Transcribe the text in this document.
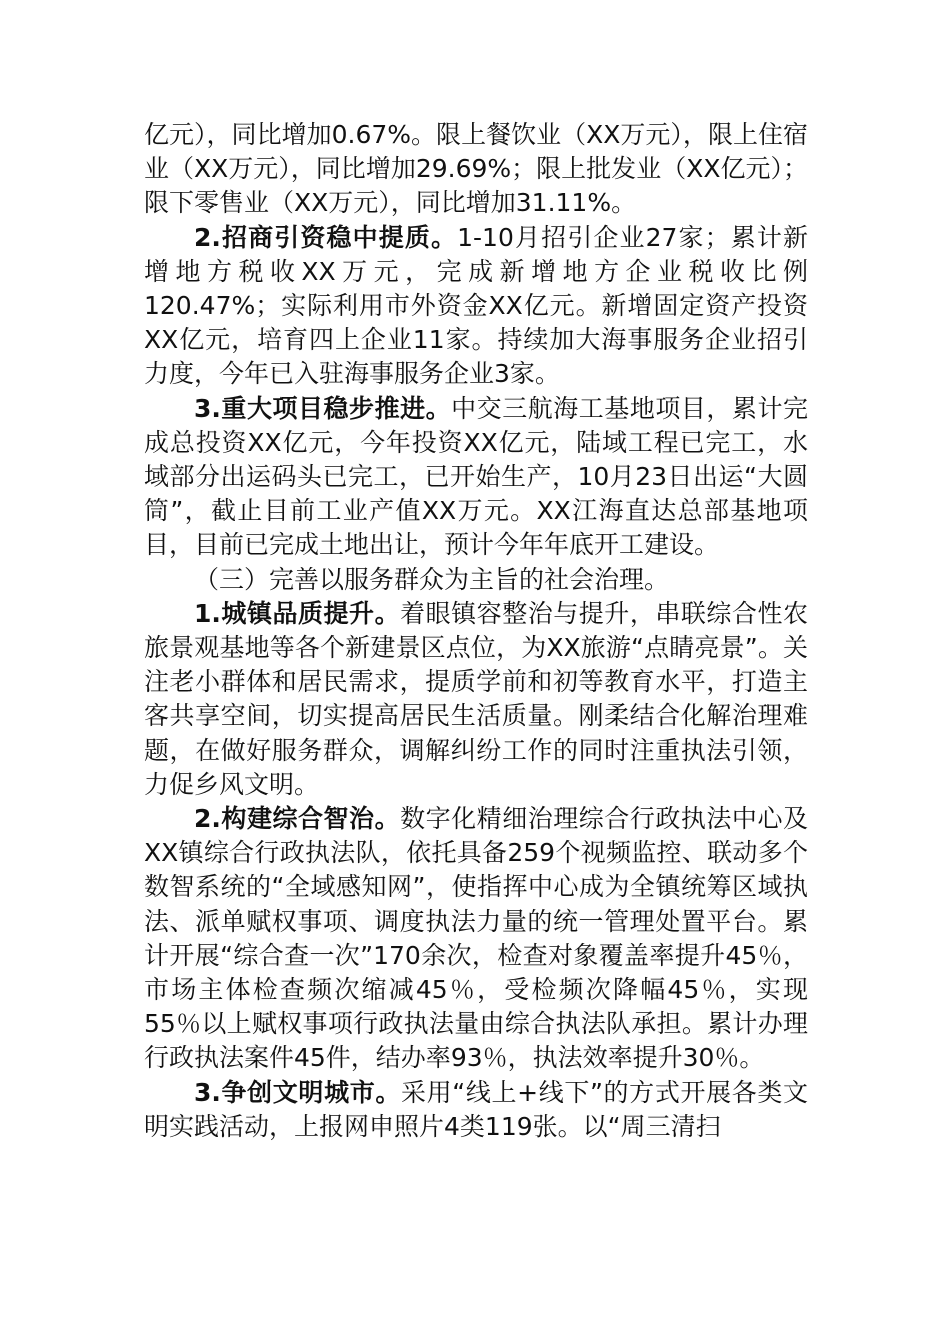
亿元），同比增加0.67%。限上餐饮业（XX万元），限上住宿业（XX万元），同比增加29.69%；限上批发业（XX亿元）；限下零售业（XX万元），同比增加31.11%。

2.招商引资稳中提质。1-10月招引企业27家；累计新增地方税收XX万元，完成新增地方企业税收比例120.47%；实际利用市外资金XX亿元。新增固定资产投资XX亿元，培育四上企业11家。持续加大海事服务企业招引力度，今年已入驻海事服务企业3家。

3.重大项目稳步推进。中交三航海工基地项目，累计完成总投资XX亿元，今年投资XX亿元，陆域工程已完工，水域部分出运码头已完工，已开始生产，10月23日出运“大圆筒”，截止目前工业产值XX万元。XX江海直达总部基地项目，目前已完成土地出让，预计今年年底开工建设。

（三）完善以服务群众为主旨的社会治理。

1.城镇品质提升。着眼镇容整治与提升，串联综合性农旅景观基地等各个新建景区点位，为XX旅游“点睛亮景”。关注老小群体和居民需求，提质学前和初等教育水平，打造主客共享空间，切实提高居民生活质量。刚柔结合化解治理难题，在做好服务群众，调解纠纷工作的同时注重执法引领，力促乡风文明。

2.构建综合智治。数字化精细治理综合行政执法中心及XX镇综合行政执法队，依托具备259个视频监控、联动多个数智系统的“全域感知网”，使指挥中心成为全镇统筹区域执法、派单赋权事项、调度执法力量的统一管理处置平台。累计开展“综合查一次”170余次，检查对象覆盖率提升45％，市场主体检查频次缩减45％，受检频次降幅45％，实现55％以上赋权事项行政执法量由综合执法队承担。累计办理行政执法案件45件，结办率93％，执法效率提升30％。

3.争创文明城市。采用“线上+线下”的方式开展各类文明实践活动，上报网申照片4类119张。以“周三清扫
